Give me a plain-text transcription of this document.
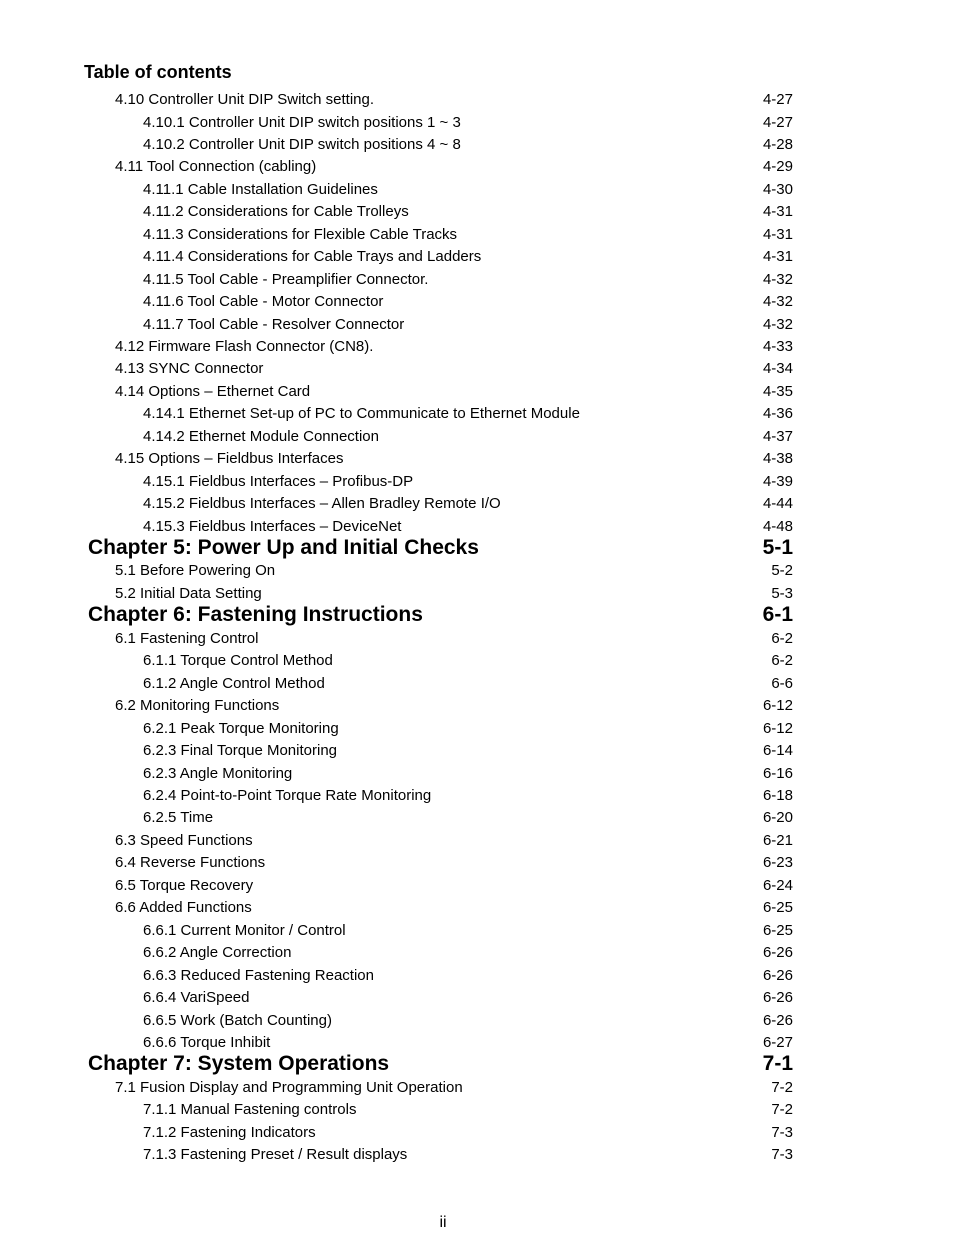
Table of contents
4.10 Controller Unit DIP Switch setting.	4-27
4.10.1 Controller Unit DIP switch positions 1 ~ 3	4-27
4.10.2 Controller Unit DIP switch positions 4 ~ 8	4-28
4.11 Tool Connection (cabling)	4-29
4.11.1 Cable Installation Guidelines	4-30
4.11.2 Considerations for Cable Trolleys	4-31
4.11.3 Considerations for Flexible Cable Tracks	4-31
4.11.4 Considerations for Cable Trays and Ladders	4-31
4.11.5 Tool Cable - Preamplifier Connector.	4-32
4.11.6 Tool Cable - Motor Connector	4-32
4.11.7 Tool Cable - Resolver Connector	4-32
4.12 Firmware Flash Connector (CN8).	4-33
4.13 SYNC Connector	4-34
4.14 Options – Ethernet Card	4-35
4.14.1 Ethernet Set-up of PC to Communicate to Ethernet Module	4-36
4.14.2 Ethernet Module Connection	4-37
4.15 Options – Fieldbus Interfaces	4-38
4.15.1 Fieldbus Interfaces – Profibus-DP	4-39
4.15.2 Fieldbus Interfaces – Allen Bradley Remote I/O	4-44
4.15.3 Fieldbus Interfaces – DeviceNet	4-48
Chapter 5: Power Up and Initial Checks	5-1
5.1 Before Powering On	5-2
5.2 Initial Data Setting	5-3
Chapter 6: Fastening Instructions	6-1
6.1 Fastening Control	6-2
6.1.1 Torque Control Method	6-2
6.1.2 Angle Control Method	6-6
6.2 Monitoring Functions	6-12
6.2.1 Peak Torque Monitoring	6-12
6.2.3 Final Torque Monitoring	6-14
6.2.3 Angle Monitoring	6-16
6.2.4 Point-to-Point Torque Rate Monitoring	6-18
6.2.5 Time	6-20
6.3 Speed Functions	6-21
6.4 Reverse Functions	6-23
6.5 Torque Recovery	6-24
6.6 Added Functions	6-25
6.6.1 Current Monitor / Control	6-25
6.6.2 Angle Correction	6-26
6.6.3 Reduced Fastening Reaction	6-26
6.6.4 VariSpeed	6-26
6.6.5 Work (Batch Counting)	6-26
6.6.6 Torque Inhibit	6-27
Chapter 7: System Operations	7-1
7.1 Fusion Display and Programming Unit Operation	7-2
7.1.1 Manual Fastening controls	7-2
7.1.2 Fastening Indicators	7-3
7.1.3 Fastening Preset / Result displays	7-3
ii
